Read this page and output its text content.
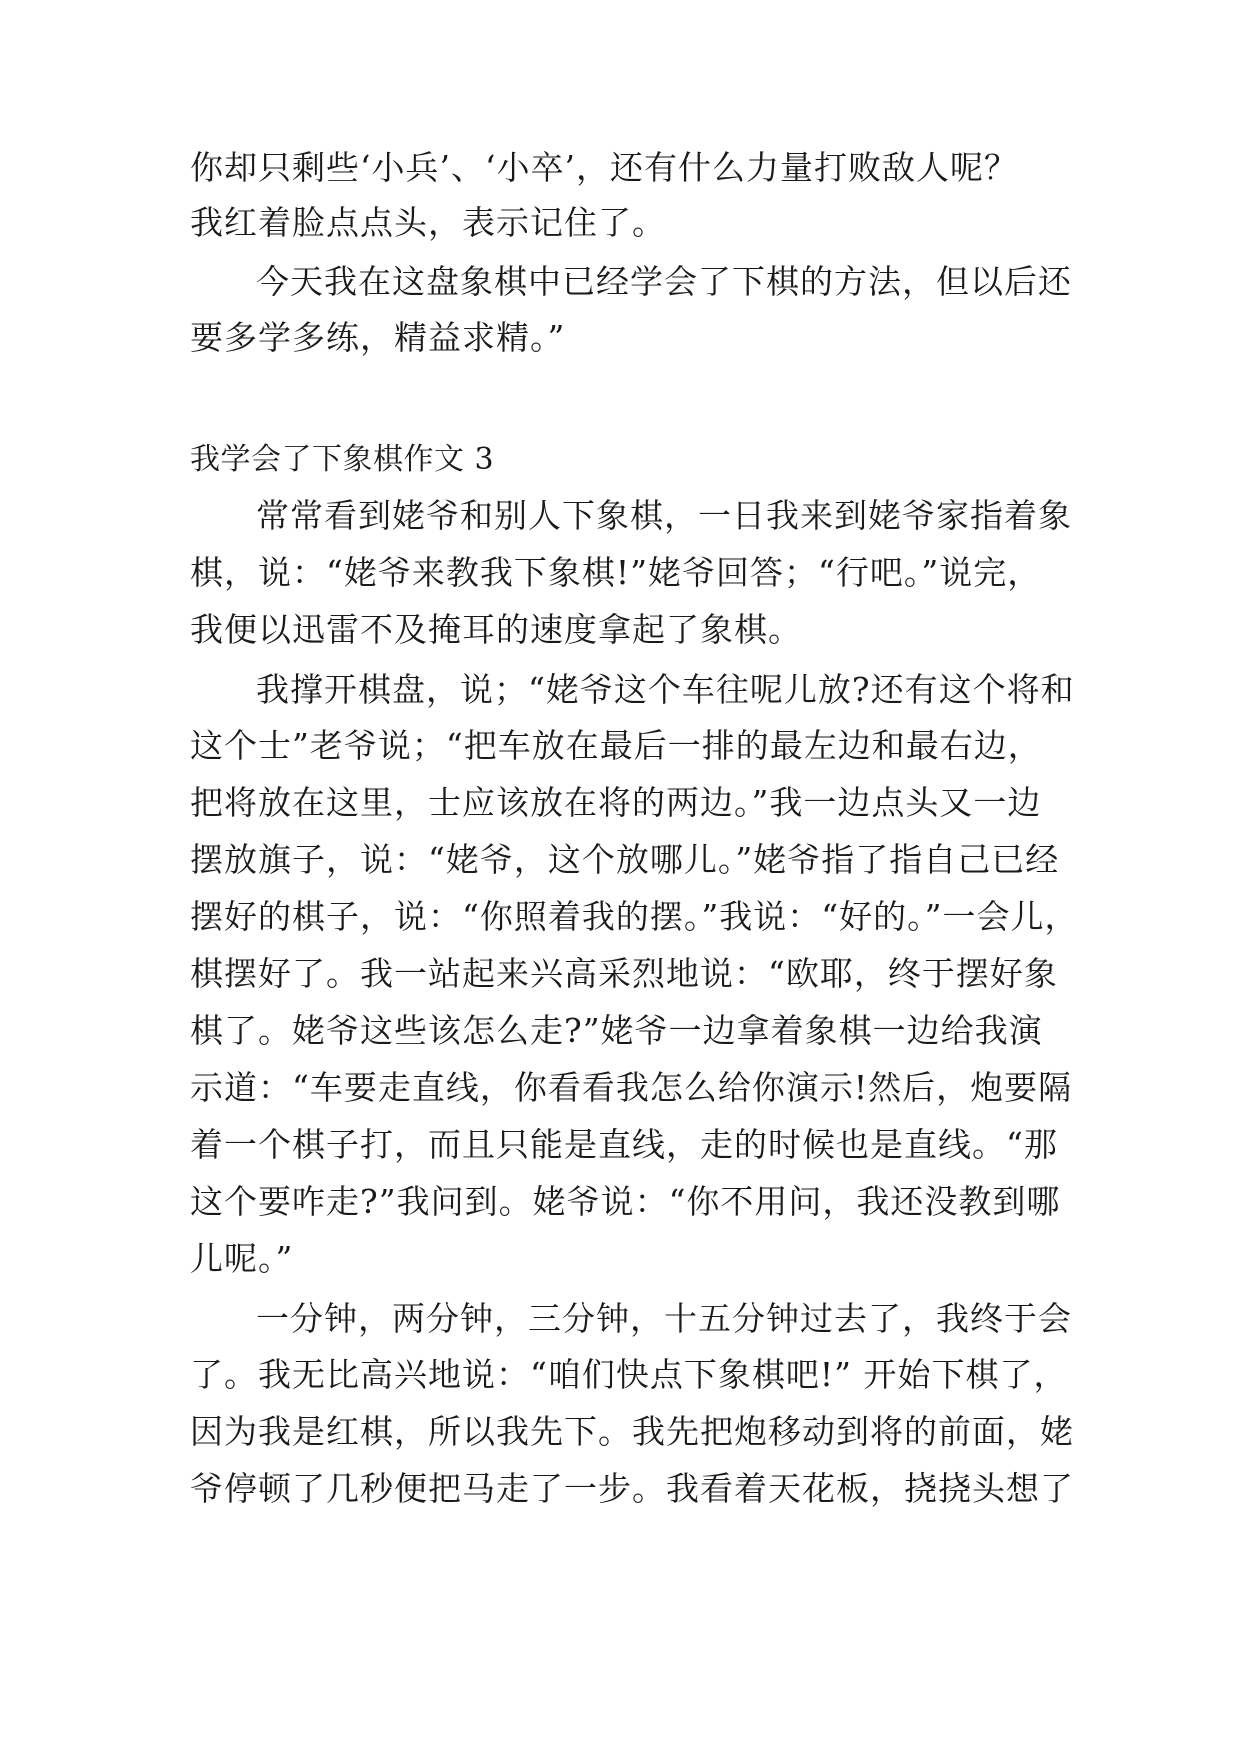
你却只剩些‘小兵’、‘小卒’，还有什么力量打败敌人呢？
我红着脸点点头，表示记住了。
今天我在这盘象棋中已经学会了下棋的方法，但以后还
要多学多练，精益求精。”
我学会了下象棋作文 3
常常看到姥爷和别人下象棋，一日我来到姥爷家指着象
棋，说：“姥爷来教我下象棋!”姥爷回答；“行吧。”说完，
我便以迅雷不及掩耳的速度拿起了象棋。
我撑开棋盘，说；“姥爷这个车往呢儿放?还有这个将和
这个士”老爷说；“把车放在最后一排的最左边和最右边，
把将放在这里，士应该放在将的两边。”我一边点头又一边
摆放旗子，说：“姥爷，这个放哪儿。”姥爷指了指自己已经
摆好的棋子，说：“你照着我的摆。”我说：“好的。”一会儿，
棋摆好了。我一站起来兴高采烈地说：“欧耶，终于摆好象
棋了。姥爷这些该怎么走?”姥爷一边拿着象棋一边给我演
示道：“车要走直线，你看看我怎么给你演示!然后，炮要隔
着一个棋子打，而且只能是直线，走的时候也是直线。“那
这个要咋走?”我问到。姥爷说：“你不用问，我还没教到哪
儿呢。”
一分钟，两分钟，三分钟，十五分钟过去了，我终于会
了。我无比高兴地说：“咱们快点下象棋吧!” 开始下棋了，
因为我是红棋，所以我先下。我先把炮移动到将的前面，姥
爷停顿了几秒便把马走了一步。我看着天花板，挠挠头想了
